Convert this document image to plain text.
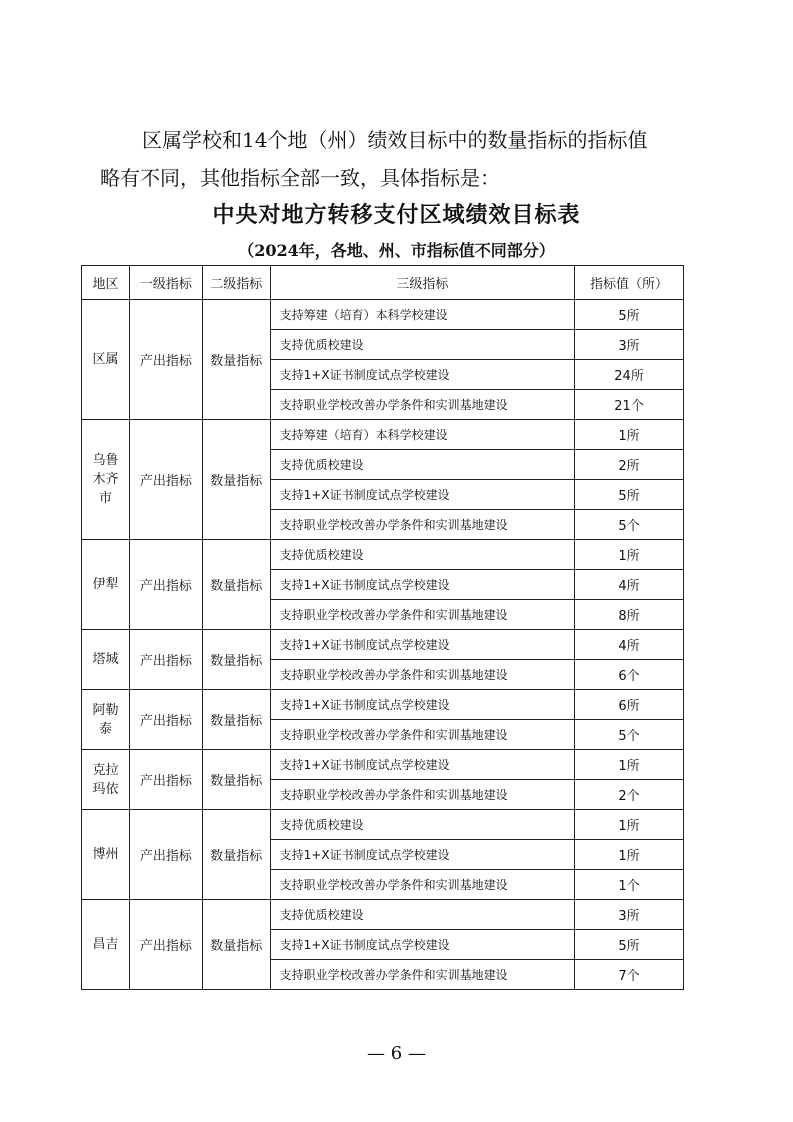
区属学校和14个地（州）绩效目标中的数量指标的指标值

略有不同，其他指标全部一致，具体指标是：

中央对地方转移支付区域绩效目标表
（2024年，各地、州、市指标值不同部分）
地区	一级指标	二级指标	三级指标	指标值（所）
区属	产出指标	数量指标	支持筹建（培育）本科学校建设	5所
			支持优质校建设	3所
			支持1+X证书制度试点学校建设	24所
			支持职业学校改善办学条件和实训基地建设	21个
乌鲁
木齐
市	产出指标	数量指标	支持筹建（培育）本科学校建设	1所
			支持优质校建设	2所
			支持1+X证书制度试点学校建设	5所
			支持职业学校改善办学条件和实训基地建设	5个
伊犁	产出指标	数量指标	支持优质校建设	1所
			支持1+X证书制度试点学校建设	4所
			支持职业学校改善办学条件和实训基地建设	8所
塔城	产出指标	数量指标	支持1+X证书制度试点学校建设	4所
			支持职业学校改善办学条件和实训基地建设	6个
阿勒
泰	产出指标	数量指标	支持1+X证书制度试点学校建设	6所
			支持职业学校改善办学条件和实训基地建设	5个
克拉
玛依	产出指标	数量指标	支持1+X证书制度试点学校建设	1所
			支持职业学校改善办学条件和实训基地建设	2个
博州	产出指标	数量指标	支持优质校建设	1所
			支持1+X证书制度试点学校建设	1所
			支持职业学校改善办学条件和实训基地建设	1个
昌吉	产出指标	数量指标	支持优质校建设	3所
			支持1+X证书制度试点学校建设	5所
			支持职业学校改善办学条件和实训基地建设	7个
— 6 —
